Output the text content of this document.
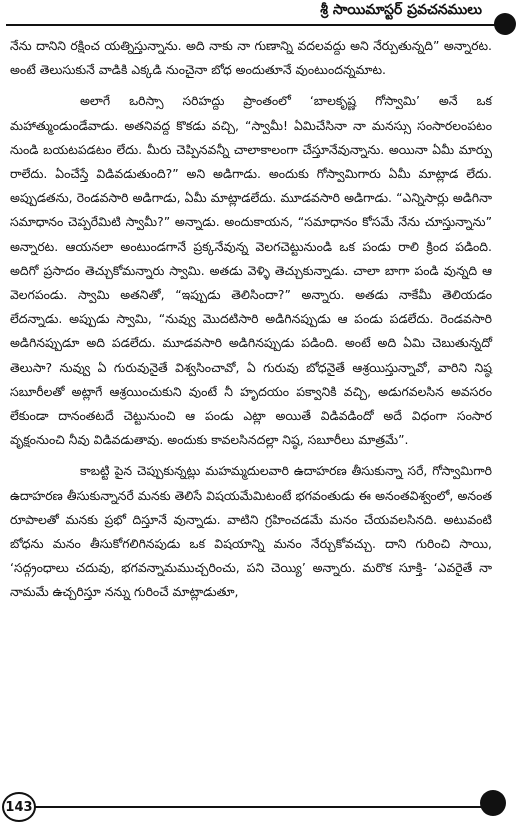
శ్రీ సాయిమాస్టర్ ప్రవచనములు

నేను దానిని రక్షించ యత్నిస్తున్నాను. అది నాకు నా గుణాన్ని వదలవద్దు అని నేర్పుతున్నది” అన్నారట. అంటే తెలుసుకునే వాడికి ఎక్కడి నుంచైనా బోధ అందుతూనే వుంటుందన్నమాట.

అలాగే ఒరిస్సా సరిహద్దు ప్రాంతంలో ‘బాలకృష్ణ గోస్వామి’ అనే ఒక మహాత్ముండుండేవాడు. అతనివద్ద కొకడు వచ్చి, “స్వామీ! ఏమిచేసినా నా మనస్సు సంసారలంపటం నుండి బయటపడటం లేదు. మీరు చెప్పినవన్నీ చాలాకాలంగా చేస్తూనేవున్నాను. అయినా ఏమీ మార్పు రాలేదు. ఏంచేస్తే విడివడుతుంది?” అని అడిగాడు. అందుకు గోస్వామిగారు ఏమీ మాట్లాడ లేదు. అప్పుడతను, రెండవసారి అడిగాడు, ఏమీ మాట్లాడలేదు. మూడవసారి అడిగాడు. “ఎన్నిసార్లు అడిగినా సమాధానం చెప్పరేమిటి స్వామీ?” అన్నాడు. అందుకాయన, “సమాధానం కోసమే నేను చూస్తున్నాను” అన్నారట. ఆయనలా అంటుండగానే ప్రక్కనేవున్న వెలగచెట్టునుండి ఒక పండు రాలి క్రింద పడింది. అదిగో ప్రసాదం తెచ్చుకోమన్నారు స్వామి. అతడు వెళ్ళి తెచ్చుకున్నాడు. చాలా బాగా పండి వున్నది ఆ వెలగపండు. స్వామి అతనితో, “ఇప్పుడు తెలిసిందా?” అన్నారు. అతడు నాకేమీ తెలియడం లేదన్నాడు. అప్పుడు స్వామి, “నువ్వు మొదటిసారి అడిగినప్పుడు ఆ పండు పడలేదు. రెండవసారి అడిగినప్పుడూ అది పడలేదు. మూడవసారి అడిగినప్పుడు పడింది. అంటే అది ఏమి చెబుతున్నదో తెలుసా? నువ్వు ఏ గురువునైతే విశ్వసించావో, ఏ గురువు బోధనైతే ఆశ్రయిస్తున్నావో, వారిని నిష్ఠ సబూరీలతో అట్లాగే ఆశ్రయించుకుని వుంటే నీ హృదయం పక్వానికి వచ్చి, అడుగవలసిన అవసరం లేకుండా దానంతటదే చెట్టునుంచి ఆ పండు ఎట్లా అయితే విడివడిందో అదే విధంగా సంసార వృక్షంనుంచి నీవు విడివడుతావు. అందుకు కావలసినదల్లా నిష్ఠ, సబూరీలు మాత్రమే”.

కాబట్టి పైన చెప్పుకున్నట్లు మహమ్మదులవారి ఉదాహరణ తీసుకున్నా సరే, గోస్వామిగారి ఉదాహరణ తీసుకున్నానరే మనకు తెలిసే విషయమేమిటంటే భగవంతుడు ఈ అనంతవిశ్వంలో, అనంత రూపాలతో మనకు ప్రభో దిస్తూనే వున్నాడు. వాటిని గ్రహించడమే మనం చేయవలసినది. అటువంటి బోధను మనం తీసుకోగలిగినపుడు ఒక విషయాన్ని మనం నేర్చుకోవచ్చు. దాని గురించి సాయి, ‘సద్గ్రంధాలు చదువు, భగవన్నామముచ్చరించు, పని చెయ్యి’ అన్నారు. మరొక సూక్తి- ‘ఎవరైతే నా నామమే ఉచ్చరిస్తూ నన్ను గురించే మాట్లాడుతూ,

143
